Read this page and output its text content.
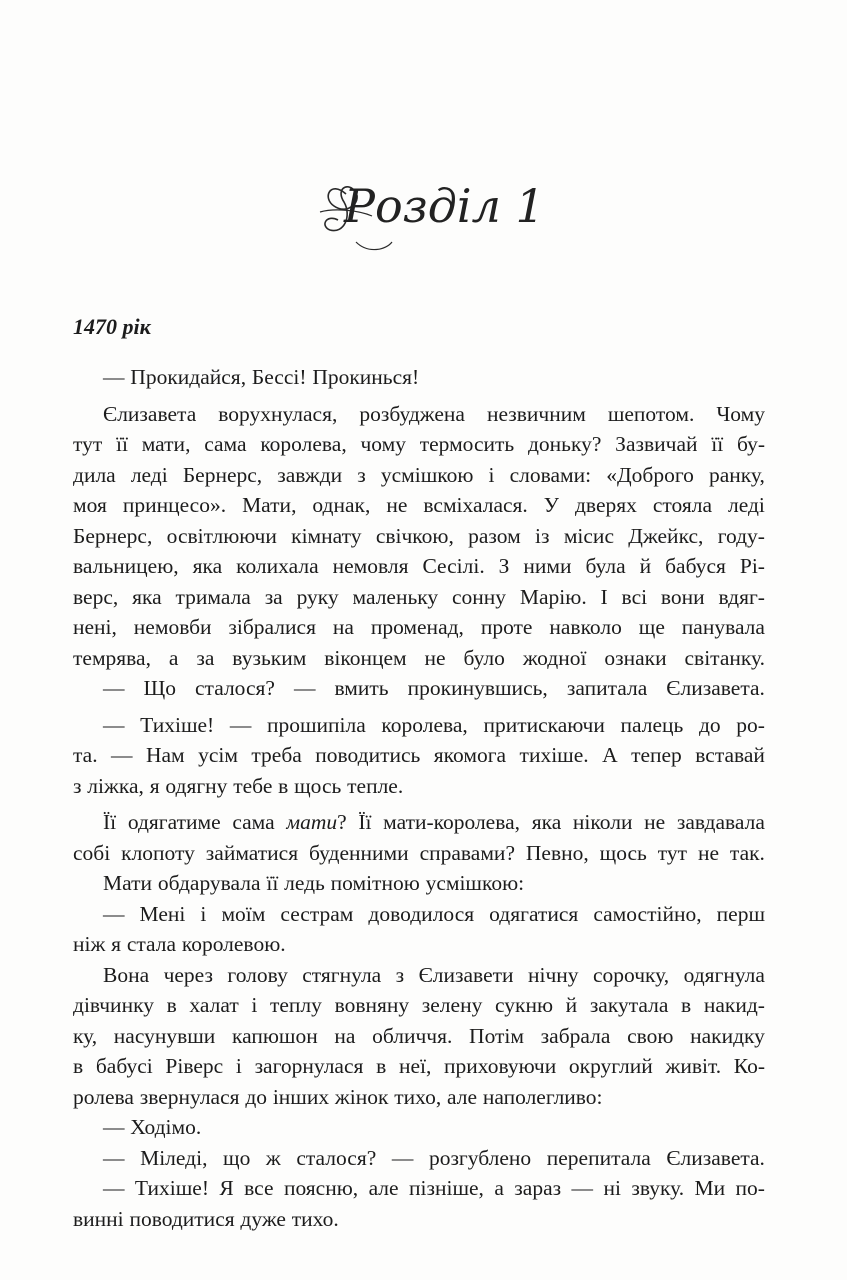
Розділ 1

1470 рік

— Прокидайся, Бессі! Прокинься!
Єлизавета ворухнулася, розбуджена незвичним шепотом. Чому
тут її мати, сама королева, чому термосить доньку? Зазвичай її бу-
дила леді Бернерс, завжди з усмішкою і словами: «Доброго ранку,
моя принцесо». Мати, однак, не всміхалася. У дверях стояла леді
Бернерс, освітлюючи кімнату свічкою, разом із місис Джейкс, году-
вальницею, яка колихала немовля Сесілі. З ними була й бабуся Рі-
верс, яка тримала за руку маленьку сонну Марію. І всі вони вдяг-
нені, немовби зібралися на променад, проте навколо ще панувала
темрява, а за вузьким віконцем не було жодної ознаки світанку.
— Що сталося? — вмить прокинувшись, запитала Єлизавета.
— Тихіше! — прошипіла королева, притискаючи палець до ро-
та. — Нам усім треба поводитись якомога тихіше. А тепер вставай
з ліжка, я одягну тебе в щось тепле.
Її одягатиме сама мати? Її мати-королева, яка ніколи не завдавала
собі клопоту займатися буденними справами? Певно, щось тут не так.
Мати обдарувала її ледь помітною усмішкою:
— Мені і моїм сестрам доводилося одягатися самостійно, перш
ніж я стала королевою.
Вона через голову стягнула з Єлизавети нічну сорочку, одягнула
дівчинку в халат і теплу вовняну зелену сукню й закутала в накид-
ку, насунувши капюшон на обличчя. Потім забрала свою накидку
в бабусі Ріверс і загорнулася в неї, приховуючи округлий живіт. Ко-
ролева звернулася до інших жінок тихо, але наполегливо:
— Ходімо.
— Міледі, що ж сталося? — розгублено перепитала Єлизавета.
— Тихіше! Я все поясню, але пізніше, а зараз — ні звуку. Ми по-
винні поводитися дуже тихо.
